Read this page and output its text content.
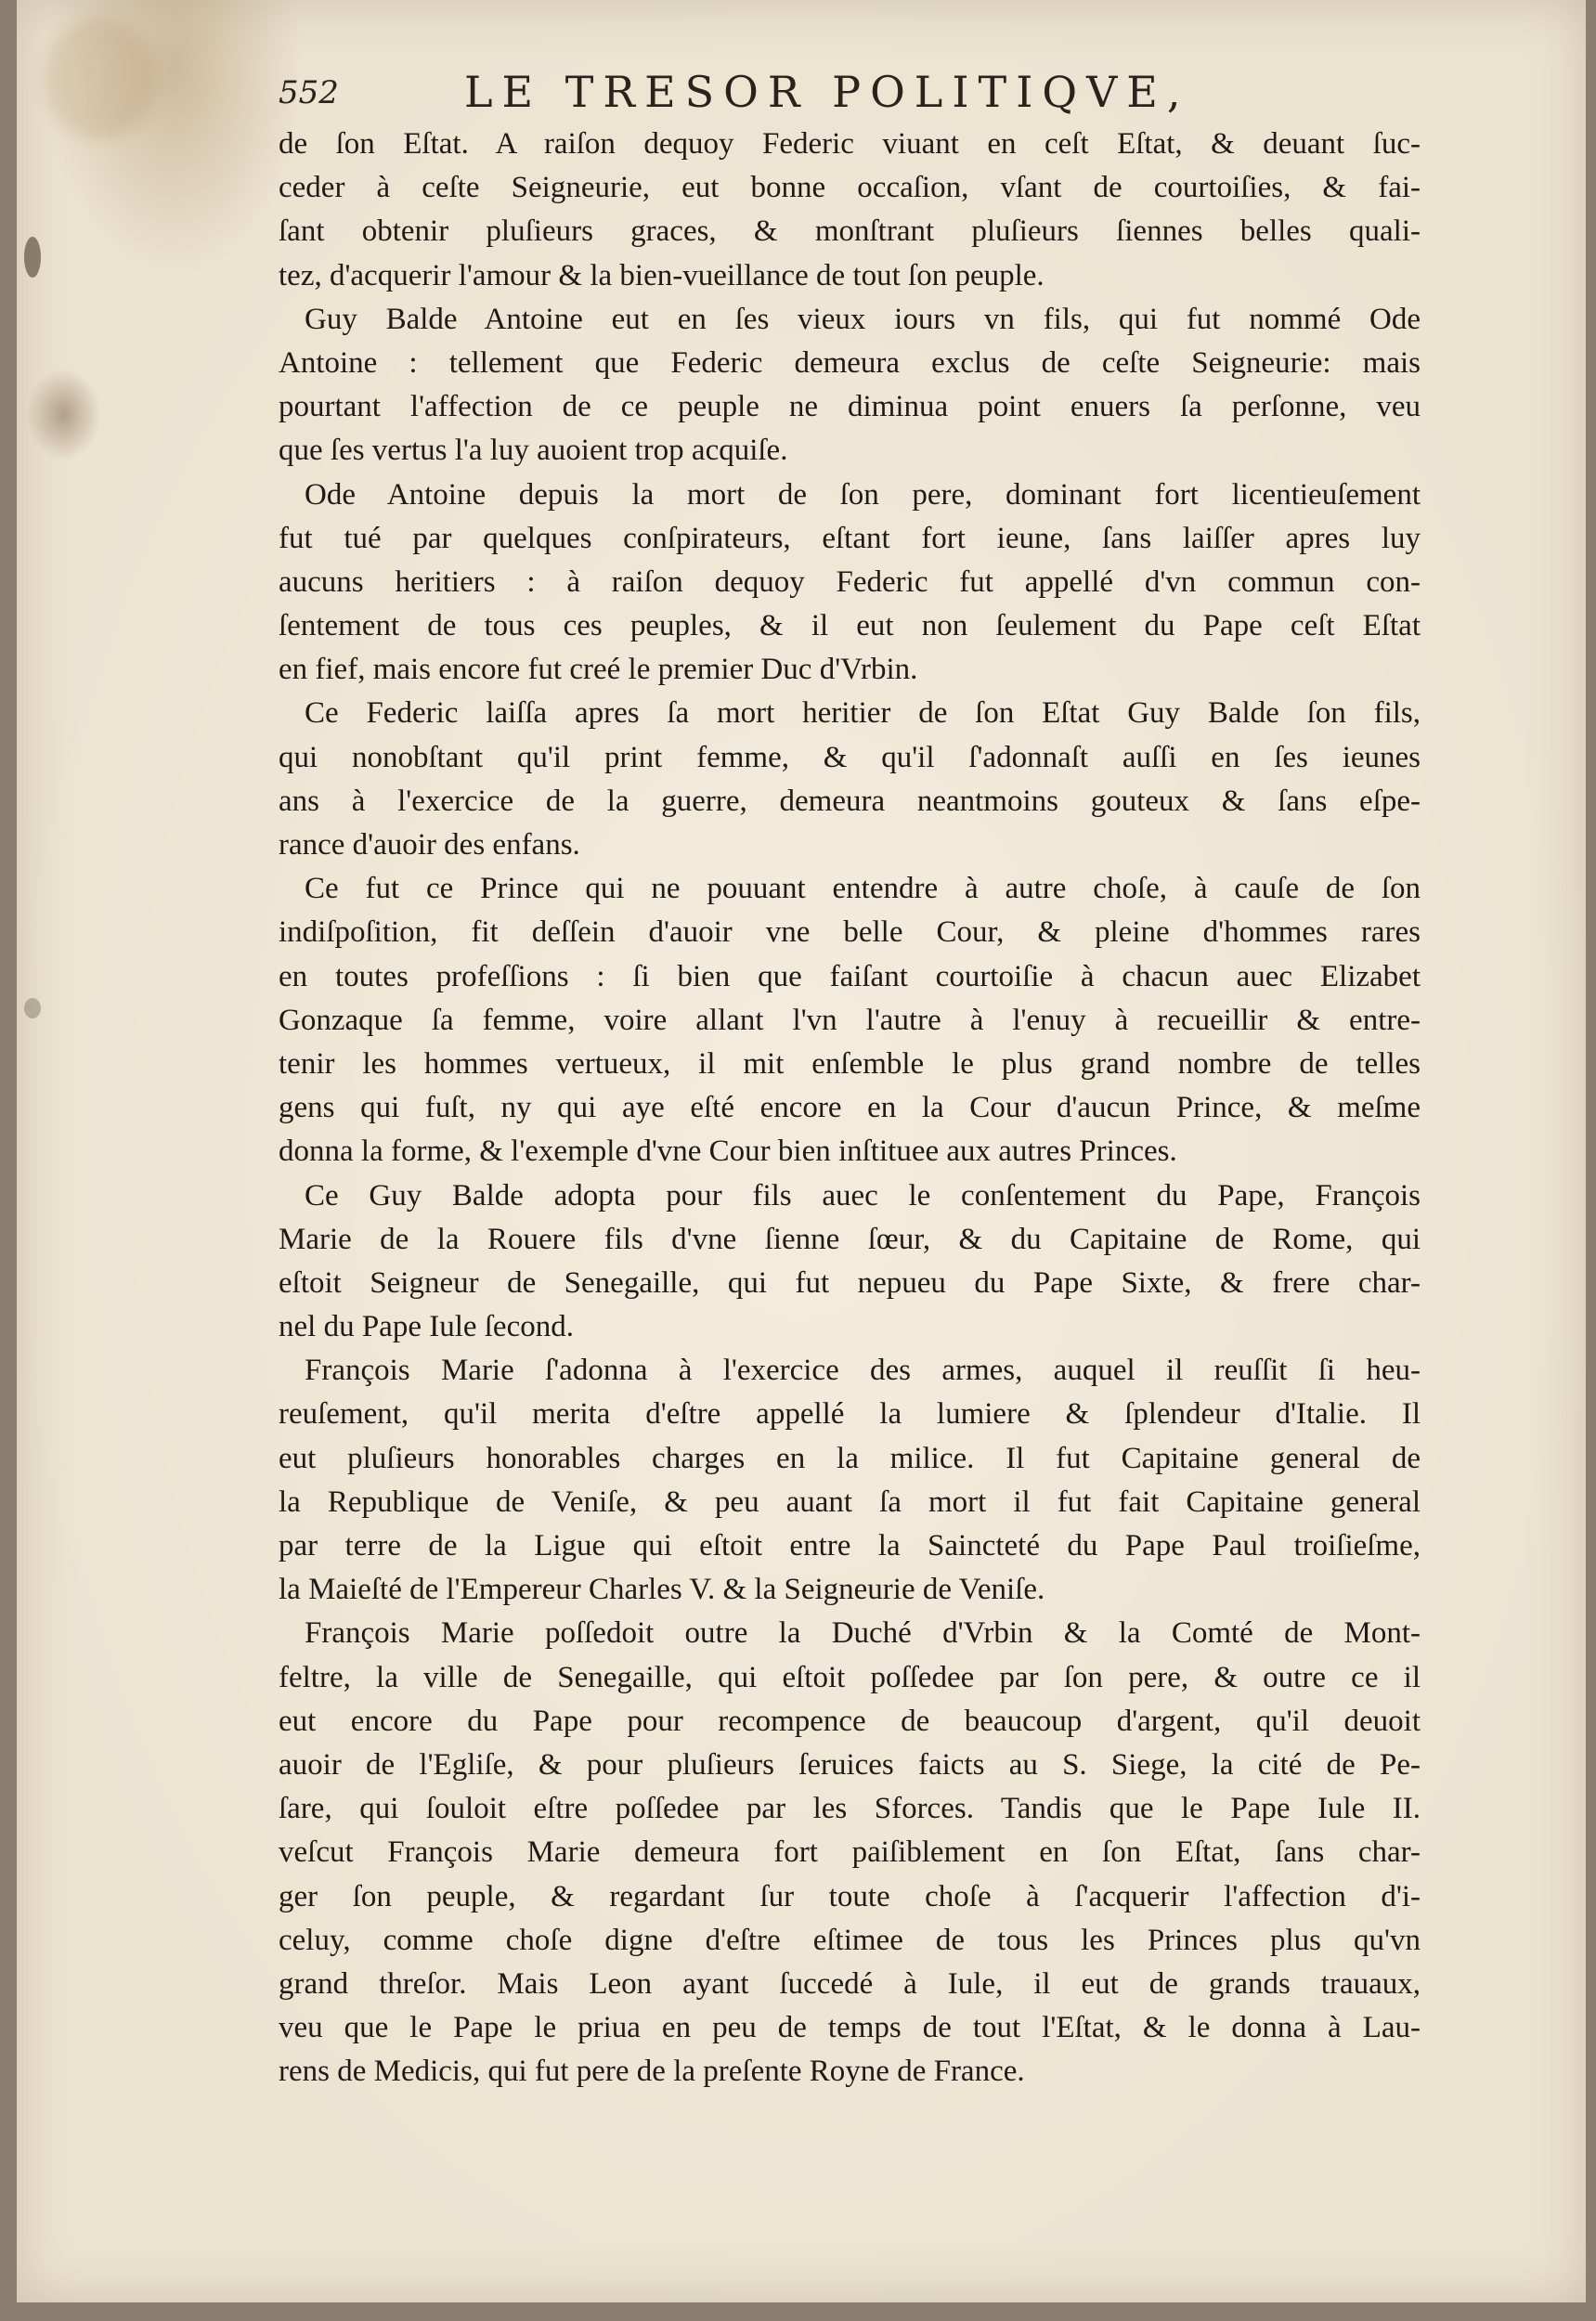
552	LE TRESOR POLITIQVE,
de ſon Eſtat. A raiſon dequoy Federic viuant en ceſt Eſtat, & deuant ſuc-
ceder à ceſte Seigneurie, eut bonne occaſion, vſant de courtoiſies, & fai-
ſant obtenir pluſieurs graces, & monſtrant pluſieurs ſiennes belles quali-
tez, d'acquerir l'amour & la bien-vueillance de tout ſon peuple.
Guy Balde Antoine eut en ſes vieux iours vn fils, qui fut nommé Ode
Antoine : tellement que Federic demeura exclus de ceſte Seigneurie: mais
pourtant l'affection de ce peuple ne diminua point enuers ſa perſonne, veu
que ſes vertus l'a luy auoient trop acquiſe.
Ode Antoine depuis la mort de ſon pere, dominant fort licentieuſement
fut tué par quelques conſpirateurs, eſtant fort ieune, ſans laiſſer apres luy
aucuns heritiers : à raiſon dequoy Federic fut appellé d'vn commun con-
ſentement de tous ces peuples, & il eut non ſeulement du Pape ceſt Eſtat
en fief, mais encore fut creé le premier Duc d'Vrbin.
Ce Federic laiſſa apres ſa mort heritier de ſon Eſtat Guy Balde ſon fils,
qui nonobſtant qu'il print femme, & qu'il ſ'adonnaſt auſſi en ſes ieunes
ans à l'exercice de la guerre, demeura neantmoins gouteux & ſans eſpe-
rance d'auoir des enfans.
Ce fut ce Prince qui ne pouuant entendre à autre choſe, à cauſe de ſon
indiſpoſition, fit deſſein d'auoir vne belle Cour, & pleine d'hommes rares
en toutes profeſſions : ſi bien que faiſant courtoiſie à chacun auec Elizabet
Gonzaque ſa femme, voire allant l'vn l'autre à l'enuy à recueillir & entre-
tenir les hommes vertueux, il mit enſemble le plus grand nombre de telles
gens qui fuſt, ny qui aye eſté encore en la Cour d'aucun Prince, & meſme
donna la forme, & l'exemple d'vne Cour bien inſtituee aux autres Princes.
Ce Guy Balde adopta pour fils auec le conſentement du Pape, François
Marie de la Rouere fils d'vne ſienne ſœur, & du Capitaine de Rome, qui
eſtoit Seigneur de Senegaille, qui fut nepueu du Pape Sixte, & frere char-
nel du Pape Iule ſecond.
François Marie ſ'adonna à l'exercice des armes, auquel il reuſſit ſi heu-
reuſement, qu'il merita d'eſtre appellé la lumiere & ſplendeur d'Italie. Il
eut pluſieurs honorables charges en la milice. Il fut Capitaine general de
la Republique de Veniſe, & peu auant ſa mort il fut fait Capitaine general
par terre de la Ligue qui eſtoit entre la Saincteté du Pape Paul troiſieſme,
la Maieſté de l'Empereur Charles V. & la Seigneurie de Veniſe.
François Marie poſſedoit outre la Duché d'Vrbin & la Comté de Mont-
feltre, la ville de Senegaille, qui eſtoit poſſedee par ſon pere, & outre ce il
eut encore du Pape pour recompence de beaucoup d'argent, qu'il deuoit
auoir de l'Egliſe, & pour pluſieurs ſeruices faicts au S. Siege, la cité de Pe-
ſare, qui ſouloit eſtre poſſedee par les Sforces. Tandis que le Pape Iule II.
veſcut François Marie demeura fort paiſiblement en ſon Eſtat, ſans char-
ger ſon peuple, & regardant ſur toute choſe à ſ'acquerir l'affection d'i-
celuy, comme choſe digne d'eſtre eſtimee de tous les Princes plus qu'vn
grand threſor. Mais Leon ayant ſuccedé à Iule, il eut de grands trauaux,
veu que le Pape le priua en peu de temps de tout l'Eſtat, & le donna à Lau-
rens de Medicis, qui fut pere de la preſente Royne de France.
